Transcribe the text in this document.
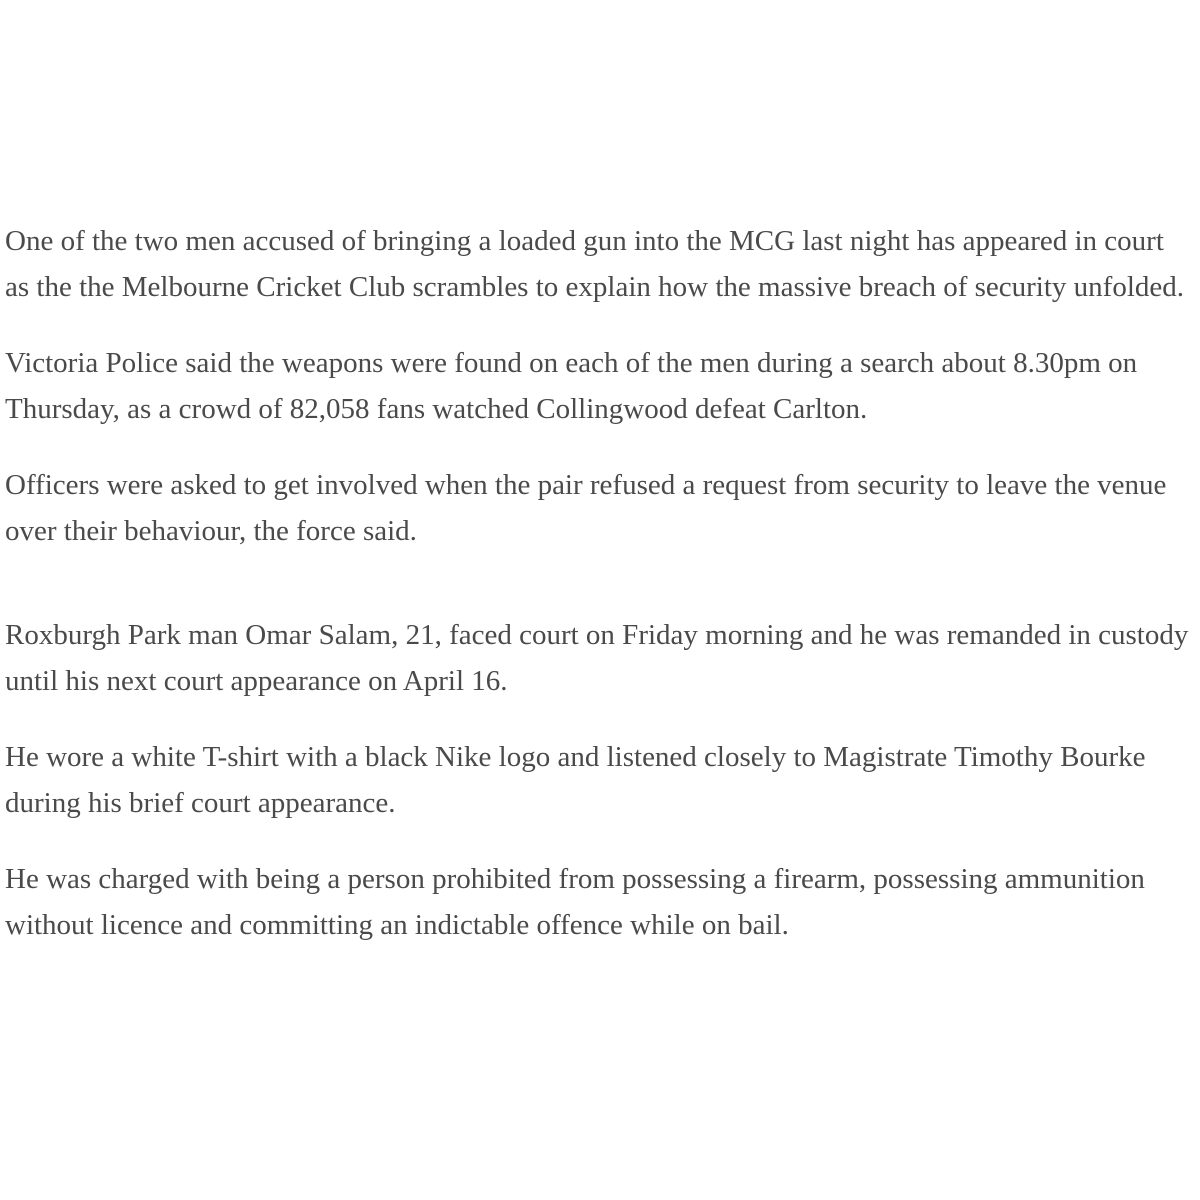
One of the two men accused of bringing a loaded gun into the MCG last night has appeared in court as the the Melbourne Cricket Club scrambles to explain how the massive breach of security unfolded.

Victoria Police said the weapons were found on each of the men during a search about 8.30pm on Thursday, as a crowd of 82,058 fans watched Collingwood defeat Carlton.

Officers were asked to get involved when the pair refused a request from security to leave the venue over their behaviour, the force said.

Roxburgh Park man Omar Salam, 21, faced court on Friday morning and he was remanded in custody until his next court appearance on April 16.

He wore a white T-shirt with a black Nike logo and listened closely to Magistrate Timothy Bourke during his brief court appearance.

He was charged with being a person prohibited from possessing a firearm, possessing ammunition without licence and committing an indictable offence while on bail.
